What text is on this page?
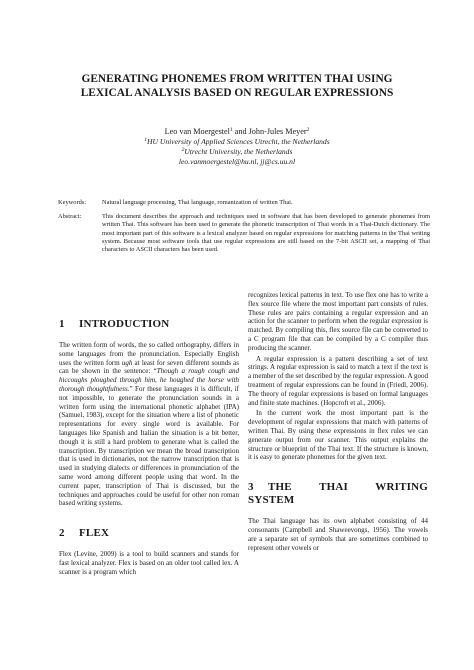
GENERATING PHONEMES FROM WRITTEN THAI USING
LEXICAL ANALYSIS BASED ON REGULAR EXPRESSIONS
Leo van Moergestel$^1$ and John-Jules Meyer$^2$
$^1$HU University of Applied Sciences Utrecht, the Netherlands
$^2$Utrecht University, the Netherlands
leo.vanmoergestel@hu.nl, jj@cs.uu.nl
Keywords:	Natural language processing, Thai language, romanization of written Thai.
Abstract:	This document describes the approach and techniques used in software that has been developed to generate phonemes from written Thai. This software has been used to generate the phonetic transcription of Thai words in a Thai-Dutch dictionary. The most important part of this software is a lexical analyzer based on regular expressions for matching patterns in the Thai writing system. Because most software tools that use regular expressions are still based on the 7-bit ASCII set, a mapping of Thai characters to ASCII characters has been used.
1 INTRODUCTION

The written form of words, the so called orthography, differs in some languages from the pronunciation. Especially English uses the written form ugh at least for seven different sounds as can be shown in the sentence: “Though a rough cough and hiccoughs ploughed through him, he houghed the horse with thorough thoughtfulness.” For these languages it is difficult, if not impossible, to generate the pronunciation sounds in a written form using the international phonetic alphabet (IPA) (Samuel, 1983), except for the situation where a list of phonetic representations for every single word is available. For languages like Spanish and Italian the situation is a bit better, though it is still a hard problem to generate what is called the transcription. By transcription we mean the broad transcription that is used in dictionaries, not the narrow transcription that is used in studying dialects or differences in pronunciation of the same word among different people using that word. In the current paper, transcription of Thai is discussed, but the techniques and approaches could be useful for other non roman based writing systems.

2 FLEX

Flex (Levine, 2009) is a tool to build scanners and stands for fast lexical analyzer. Flex is based on an older tool called lex. A scanner is a program which

recognizes lexical patterns in text. To use flex one has to write a flex source file where the most important part consists of rules. These rules are pairs containing a regular expression and an action for the scanner to perform when the regular expression is matched. By compiling this, flex source file can be converted to a C program file that can be compiled by a C compiler thus producing the scanner.

A regular expression is a pattern describing a set of text strings. A regular expression is said to match a text if the text is a member of the set described by the regular expression. A good treatment of regular expressions can be found in (Friedl, 2006). The theory of regular expressions is based on formal languages and finite state machines. (Hopcroft et al., 2006).

In the current work the most important part is the development of regular expressions that match with patterns of written Thai. By using these expressions in flex rules we can generate output from our scanner. This output explains the structure or blueprint of the Thai text. If the structure is known, it is easy to generate phonemes for the given text.

3 THE THAI WRITING SYSTEM

The Thai language has its own alphabet consisting of 44 consonants (Campbell and Shaweevongs, 1956). The vowels are a separate set of symbols that are sometimes combined to represent other vowels or
